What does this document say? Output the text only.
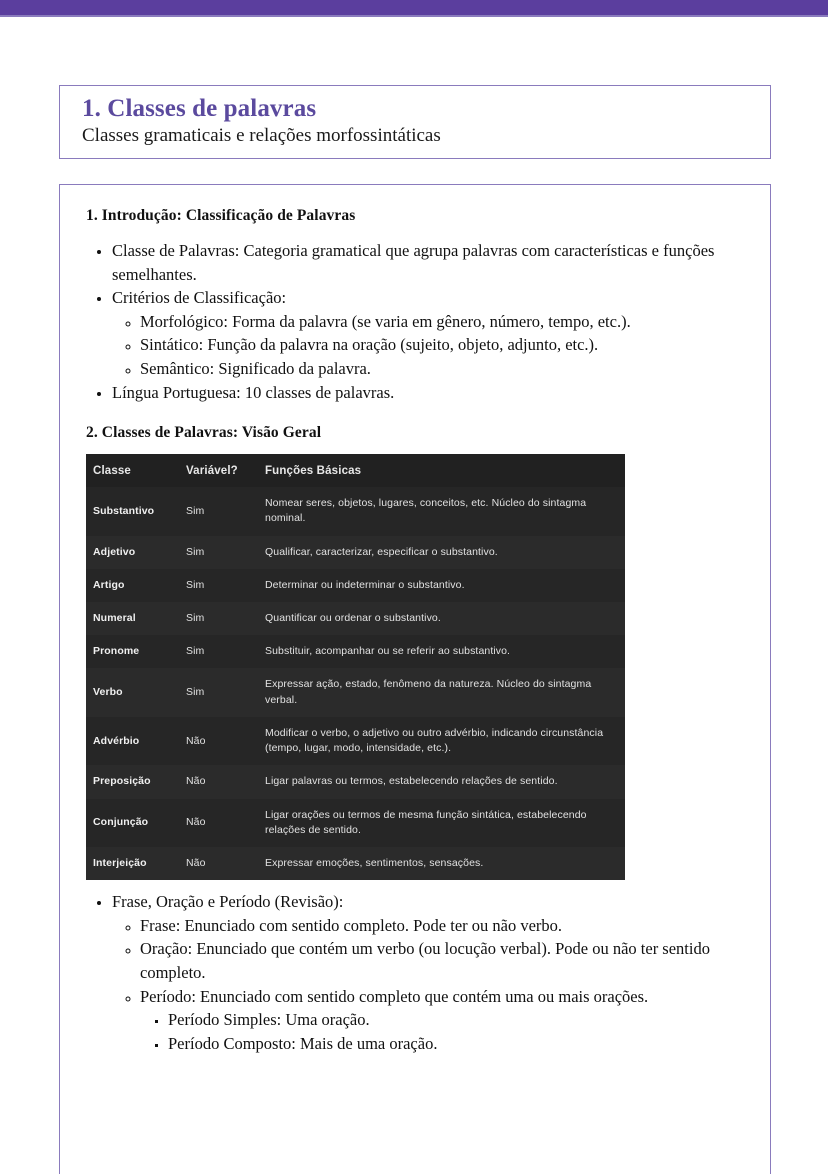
1. Classes de palavras
Classes gramaticais e relações morfossintáticas
1. Introdução: Classificação de Palavras
• Classe de Palavras: Categoria gramatical que agrupa palavras com características e funções semelhantes.
• Critérios de Classificação:
◦ Morfológico: Forma da palavra (se varia em gênero, número, tempo, etc.).
◦ Sintático: Função da palavra na oração (sujeito, objeto, adjunto, etc.).
◦ Semântico: Significado da palavra.
• Língua Portuguesa: 10 classes de palavras.
2. Classes de Palavras: Visão Geral
Classe	Variável?	Funções Básicas
Substantivo	Sim	Nomear seres, objetos, lugares, conceitos, etc. Núcleo do sintagma nominal.
Adjetivo	Sim	Qualificar, caracterizar, especificar o substantivo.
Artigo	Sim	Determinar ou indeterminar o substantivo.
Numeral	Sim	Quantificar ou ordenar o substantivo.
Pronome	Sim	Substituir, acompanhar ou se referir ao substantivo.
Verbo	Sim	Expressar ação, estado, fenômeno da natureza. Núcleo do sintagma verbal.
Advérbio	Não	Modificar o verbo, o adjetivo ou outro advérbio, indicando circunstância (tempo, lugar, modo, intensidade, etc.).
Preposição	Não	Ligar palavras ou termos, estabelecendo relações de sentido.
Conjunção	Não	Ligar orações ou termos de mesma função sintática, estabelecendo relações de sentido.
Interjeição	Não	Expressar emoções, sentimentos, sensações.
• Frase, Oração e Período (Revisão):
◦ Frase: Enunciado com sentido completo. Pode ter ou não verbo.
◦ Oração: Enunciado que contém um verbo (ou locução verbal). Pode ou não ter sentido completo.
◦ Período: Enunciado com sentido completo que contém uma ou mais orações.
▪ Período Simples: Uma oração.
▪ Período Composto: Mais de uma oração.
